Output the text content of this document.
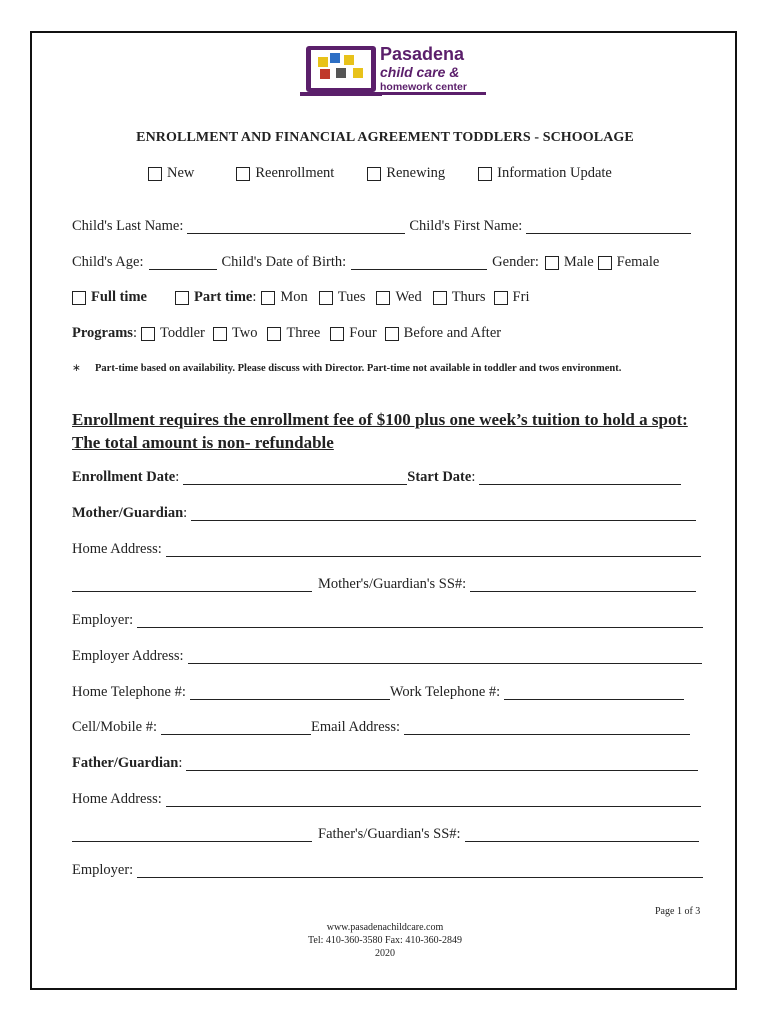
Pasadena
child care &
homework center
ENROLLMENT AND FINANCIAL AGREEMENT TODDLERS - SCHOOLAGE
New	Reenrollment	Renewing	Information Update
Child's Last Name:	Child's First Name:
Child's Age:	Child's Date of Birth:	Gender: Male Female
Full time	Part time : Mon Tues Wed Thurs Fri
Programs : Toddler Two Three Four Before and After
∗ Part-time based on availability. Please discuss with Director. Part-time not available in toddler and twos environment.
Enrollment requires the enrollment fee of $100 plus one week’s tuition to hold a spot: The total amount is non- refundable
Enrollment Date :	Start Date :
Mother/Guardian :
Home Address:
Mother's/Guardian's SS#:
Employer:
Employer Address:
Home Telephone #:	Work Telephone #:
Cell/Mobile #:	Email Address:
Father/Guardian :
Home Address:
Father's/Guardian's SS#:
Employer:
Page 1 of 3
www.pasadenachildcare.com
Tel: 410-360-3580 Fax: 410-360-2849
2020
